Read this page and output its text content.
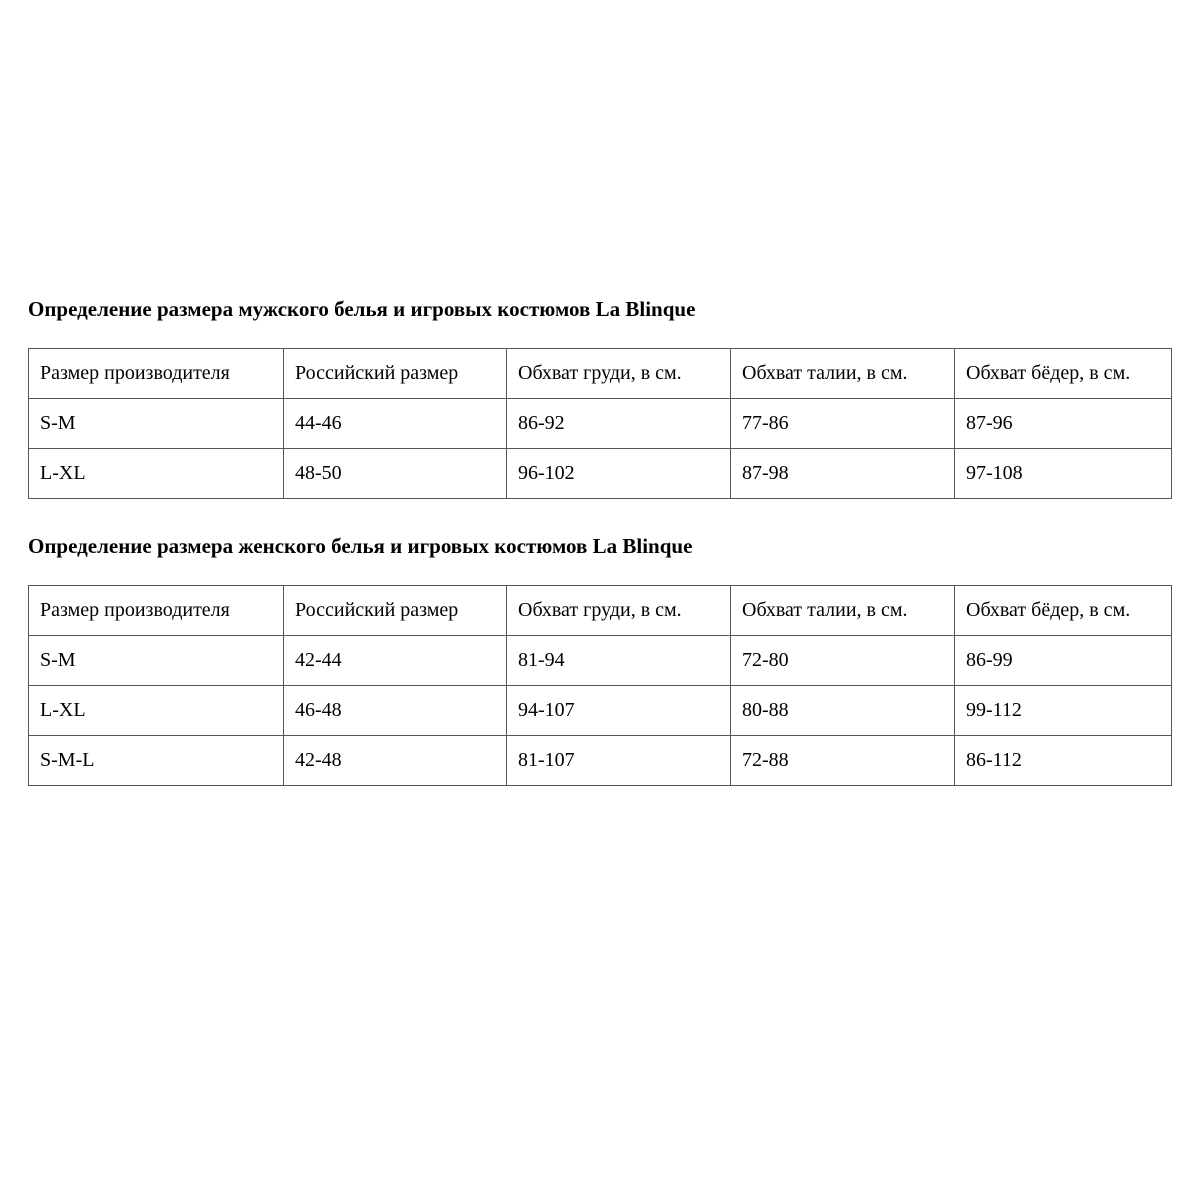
Определение размера мужского белья и игровых костюмов La Blinque
Размер производителя	Российский размер	Обхват груди, в см.	Обхват талии, в см.	Обхват бёдер, в см.
S-M	44-46	86-92	77-86	87-96
L-XL	48-50	96-102	87-98	97-108
Определение размера женского белья и игровых костюмов La Blinque
Размер производителя	Российский размер	Обхват груди, в см.	Обхват талии, в см.	Обхват бёдер, в см.
S-M	42-44	81-94	72-80	86-99
L-XL	46-48	94-107	80-88	99-112
S-M-L	42-48	81-107	72-88	86-112
